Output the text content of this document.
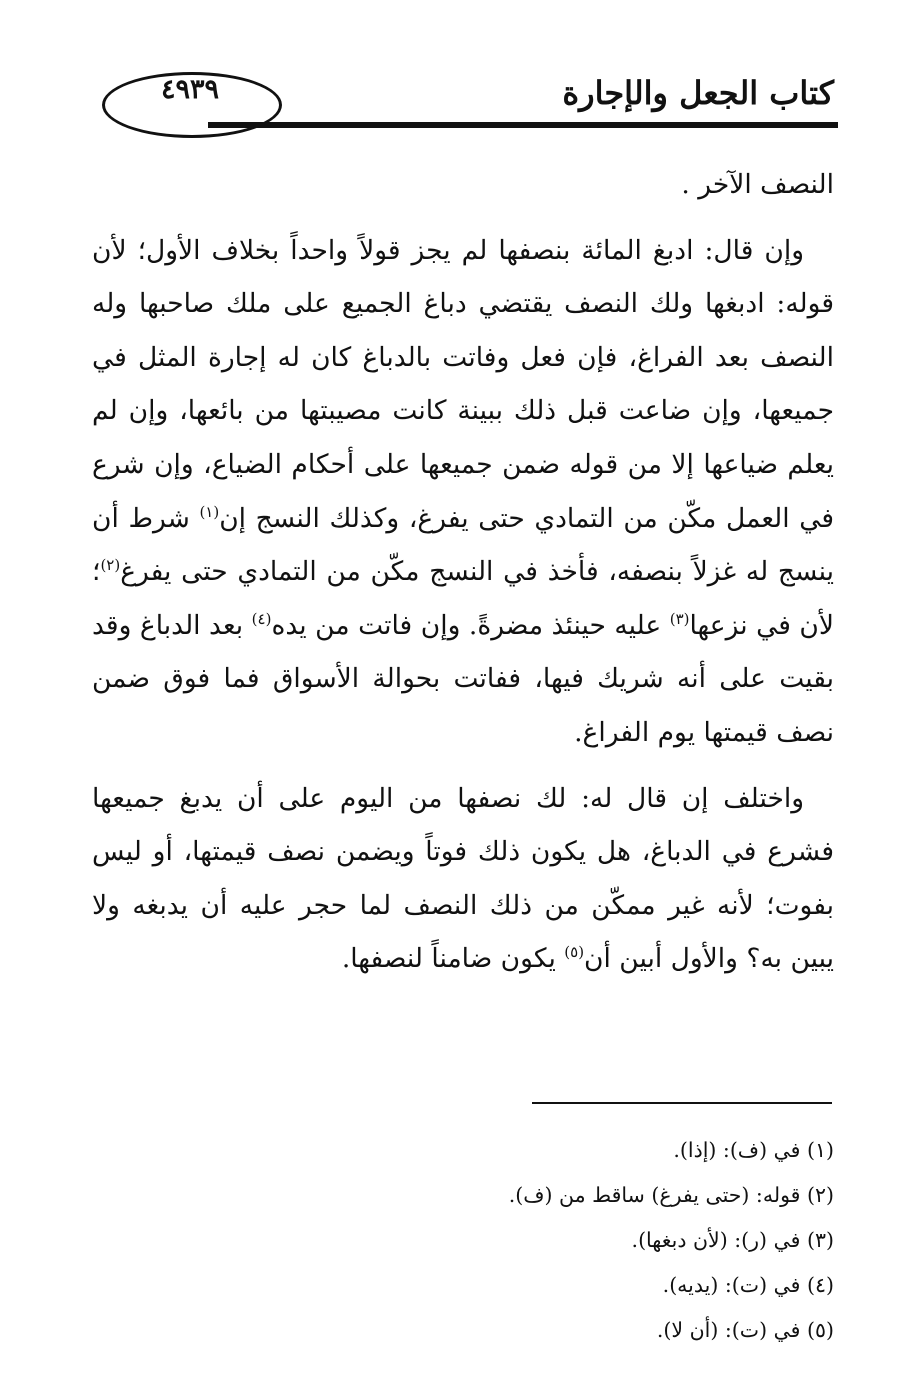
٤٩٣٩	كتاب الجعل والإجارة

النصف الآخر .

وإن قال: ادبغ المائة بنصفها لم يجز قولاً واحداً بخلاف الأول؛ لأن قوله: ادبغها ولك النصف يقتضي دباغ الجميع على ملك صاحبها وله النصف بعد الفراغ، فإن فعل وفاتت بالدباغ كان له إجارة المثل في جميعها، وإن ضاعت قبل ذلك ببينة كانت مصيبتها من بائعها، وإن لم يعلم ضياعها إلا من قوله ضمن جميعها على أحكام الضياع، وإن شرع في العمل مكّن من التمادي حتى يفرغ، وكذلك النسج إن$^{(١)}$ شرط أن ينسج له غزلاً بنصفه، فأخذ في النسج مكّن من التمادي حتى يفرغ$^{(٢)}$؛ لأن في نزعها$^{(٣)}$ عليه حينئذ مضرةً. وإن فاتت من يده$^{(٤)}$ بعد الدباغ وقد بقيت على أنه شريك فيها، ففاتت بحوالة الأسواق فما فوق ضمن نصف قيمتها يوم الفراغ.

واختلف إن قال له: لك نصفها من اليوم على أن يدبغ جميعها فشرع في الدباغ، هل يكون ذلك فوتاً ويضمن نصف قيمتها، أو ليس بفوت؛ لأنه غير ممكّن من ذلك النصف لما حجر عليه أن يدبغه ولا يبين به؟ والأول أبين أن$^{(٥)}$ يكون ضامناً لنصفها.

(١) في (ف): (إذا).

(٢) قوله: (حتى يفرغ) ساقط من (ف).

(٣) في (ر): (لأن دبغها).

(٤) في (ت): (يديه).

(٥) في (ت): (أن لا).
